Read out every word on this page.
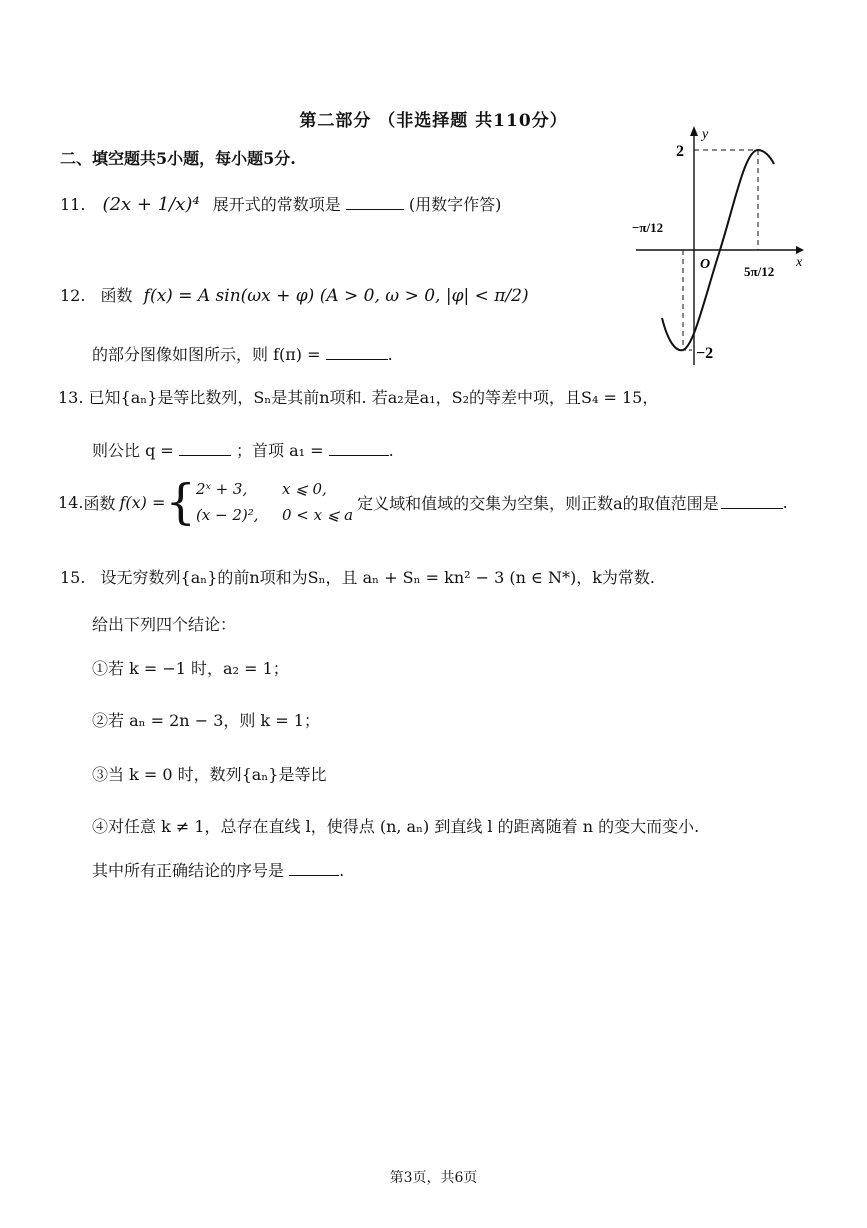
第二部分 （非选择题 共110分）
二、填空题共5小题，每小题5分.
11. (2x + 1/x)⁴ 展开式的常数项是	(用数字作答)
12. 函数 f(x) = A sin(ωx + φ) (A > 0, ω > 0, |φ| < π/2)
的部分图像如图所示，则 f(π) =	.
13. 已知{aₙ}是等比数列，Sₙ是其前n项和. 若a₂是a₁，S₂的等差中项，且S₄ = 15，
则公比 q =	；首项 a₁ =	.
14. 函数 f(x) = { 2ˣ + 3, x ⩽ 0,
(x − 2)², 0 < x ⩽ a
定义域和值域的交集为空集，则正数a的取值范围是	.
15. 设无穷数列{aₙ}的前n项和为Sₙ，且 aₙ + Sₙ = kn² − 3 (n ∈ N*)，k为常数.
给出下列四个结论：
①若 k = −1 时，a₂ = 1；
②若 aₙ = 2n − 3，则 k = 1；
③当 k = 0 时，数列{aₙ}是等比
④对任意 k ≠ 1，总存在直线 l，使得点 (n, aₙ) 到直线 l 的距离随着 n 的变大而变小.
其中所有正确结论的序号是	.
y
x
O
2
−2
−π/12
5π/12
第3页，共6页
